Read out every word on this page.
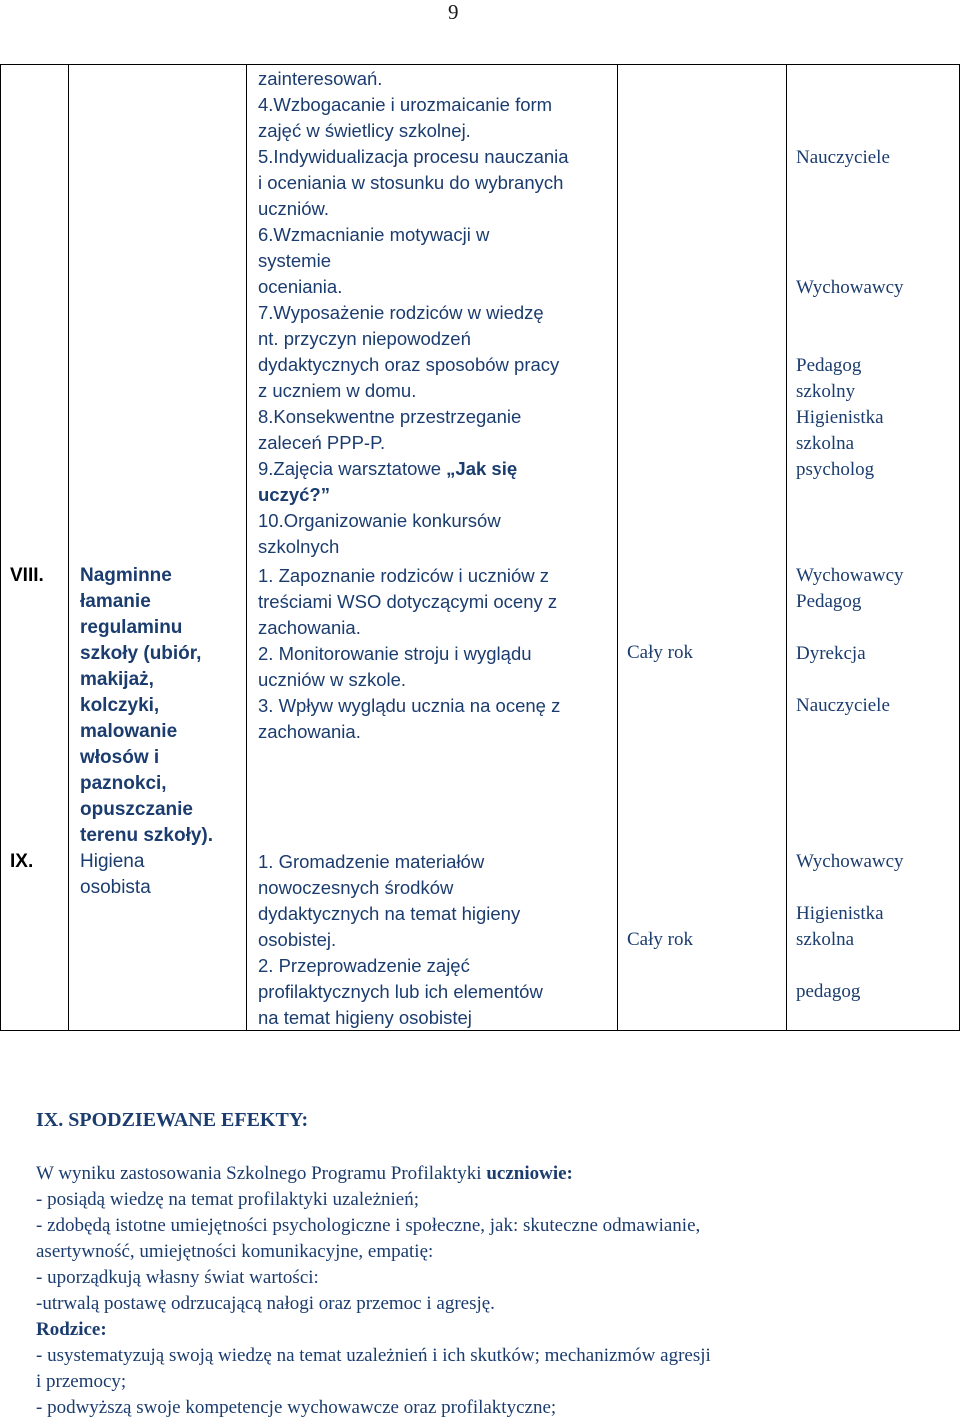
9

zainteresowań.

4.Wzbogacanie i urozmaicanie form

zajęć w świetlicy szkolnej.

5.Indywidualizacja procesu nauczania

i oceniania w stosunku do wybranych

uczniów.

6.Wzmacnianie motywacji w

systemie

oceniania.

7.Wyposażenie rodziców w wiedzę

nt. przyczyn niepowodzeń

dydaktycznych oraz sposobów pracy

z uczniem w domu.

8.Konsekwentne przestrzeganie

zaleceń PPP-P.

9.Zajęcia warsztatowe „Jak się

uczyć?”

10.Organizowanie konkursów

szkolnych

Nauczyciele

Wychowawcy

Pedagog

szkolny

Higienistka

szkolna

psycholog

VIII. Nagminne

łamanie

regulaminu

szkoły (ubiór,

makijaż,

kolczyki,

malowanie

włosów i

paznokci,

opuszczanie

terenu szkoły).

1. Zapoznanie rodziców i uczniów z

treściami WSO dotyczącymi oceny z

zachowania.

2. Monitorowanie stroju i wyglądu

uczniów w szkole.

3. Wpływ wyglądu ucznia na ocenę z

zachowania.

Cały rok

Wychowawcy

Pedagog

Dyrekcja

Nauczyciele

IX. Higiena

osobista

1. Gromadzenie materiałów

nowoczesnych środków

dydaktycznych na temat higieny

osobistej.

2. Przeprowadzenie zajęć

profilaktycznych lub ich elementów

na temat higieny osobistej

Cały rok

Wychowawcy

Higienistka

szkolna

pedagog

IX. SPODZIEWANE EFEKTY:

W wyniku zastosowania Szkolnego Programu Profilaktyki uczniowie:

- posiądą wiedzę na temat profilaktyki uzależnień;

- zdobędą istotne umiejętności psychologiczne i społeczne, jak: skuteczne odmawianie,

asertywność, umiejętności komunikacyjne, empatię:

- uporządkują własny świat wartości:

-utrwalą postawę odrzucającą nałogi oraz przemoc i agresję.

Rodzice:

- usystematyzują swoją wiedzę na temat uzależnień i ich skutków; mechanizmów agresji

i przemocy;

- podwyższą swoje kompetencje wychowawcze oraz profilaktyczne;
